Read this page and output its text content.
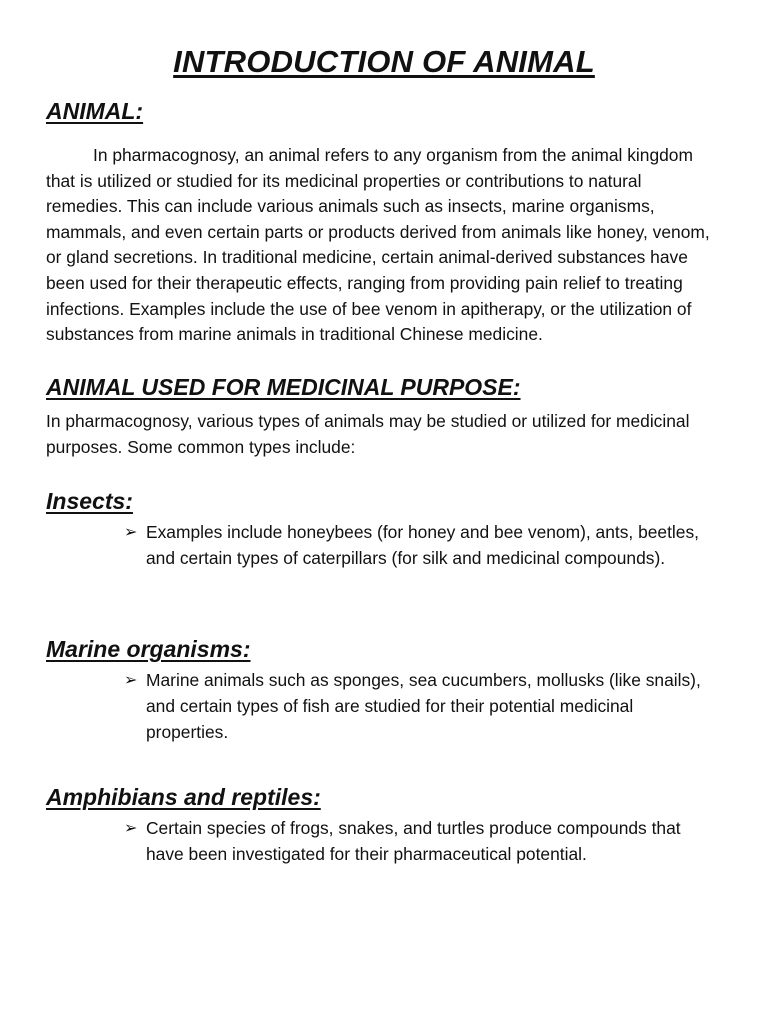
INTRODUCTION OF ANIMAL
ANIMAL:

In pharmacognosy, an animal refers to any organism from the animal kingdom that is utilized or studied for its medicinal properties or contributions to natural remedies. This can include various animals such as insects, marine organisms, mammals, and even certain parts or products derived from animals like honey, venom, or gland secretions. In traditional medicine, certain animal-derived substances have been used for their therapeutic effects, ranging from providing pain relief to treating infections. Examples include the use of bee venom in apitherapy, or the utilization of substances from marine animals in traditional Chinese medicine.

ANIMAL USED FOR MEDICINAL PURPOSE:

In pharmacognosy, various types of animals may be studied or utilized for medicinal purposes. Some common types include:

Insects:
➢ Examples include honeybees (for honey and bee venom), ants, beetles, and certain types of caterpillars (for silk and medicinal compounds).
Marine organisms:
➢ Marine animals such as sponges, sea cucumbers, mollusks (like snails), and certain types of fish are studied for their potential medicinal properties.
Amphibians and reptiles:
➢ Certain species of frogs, snakes, and turtles produce compounds that have been investigated for their pharmaceutical potential.
